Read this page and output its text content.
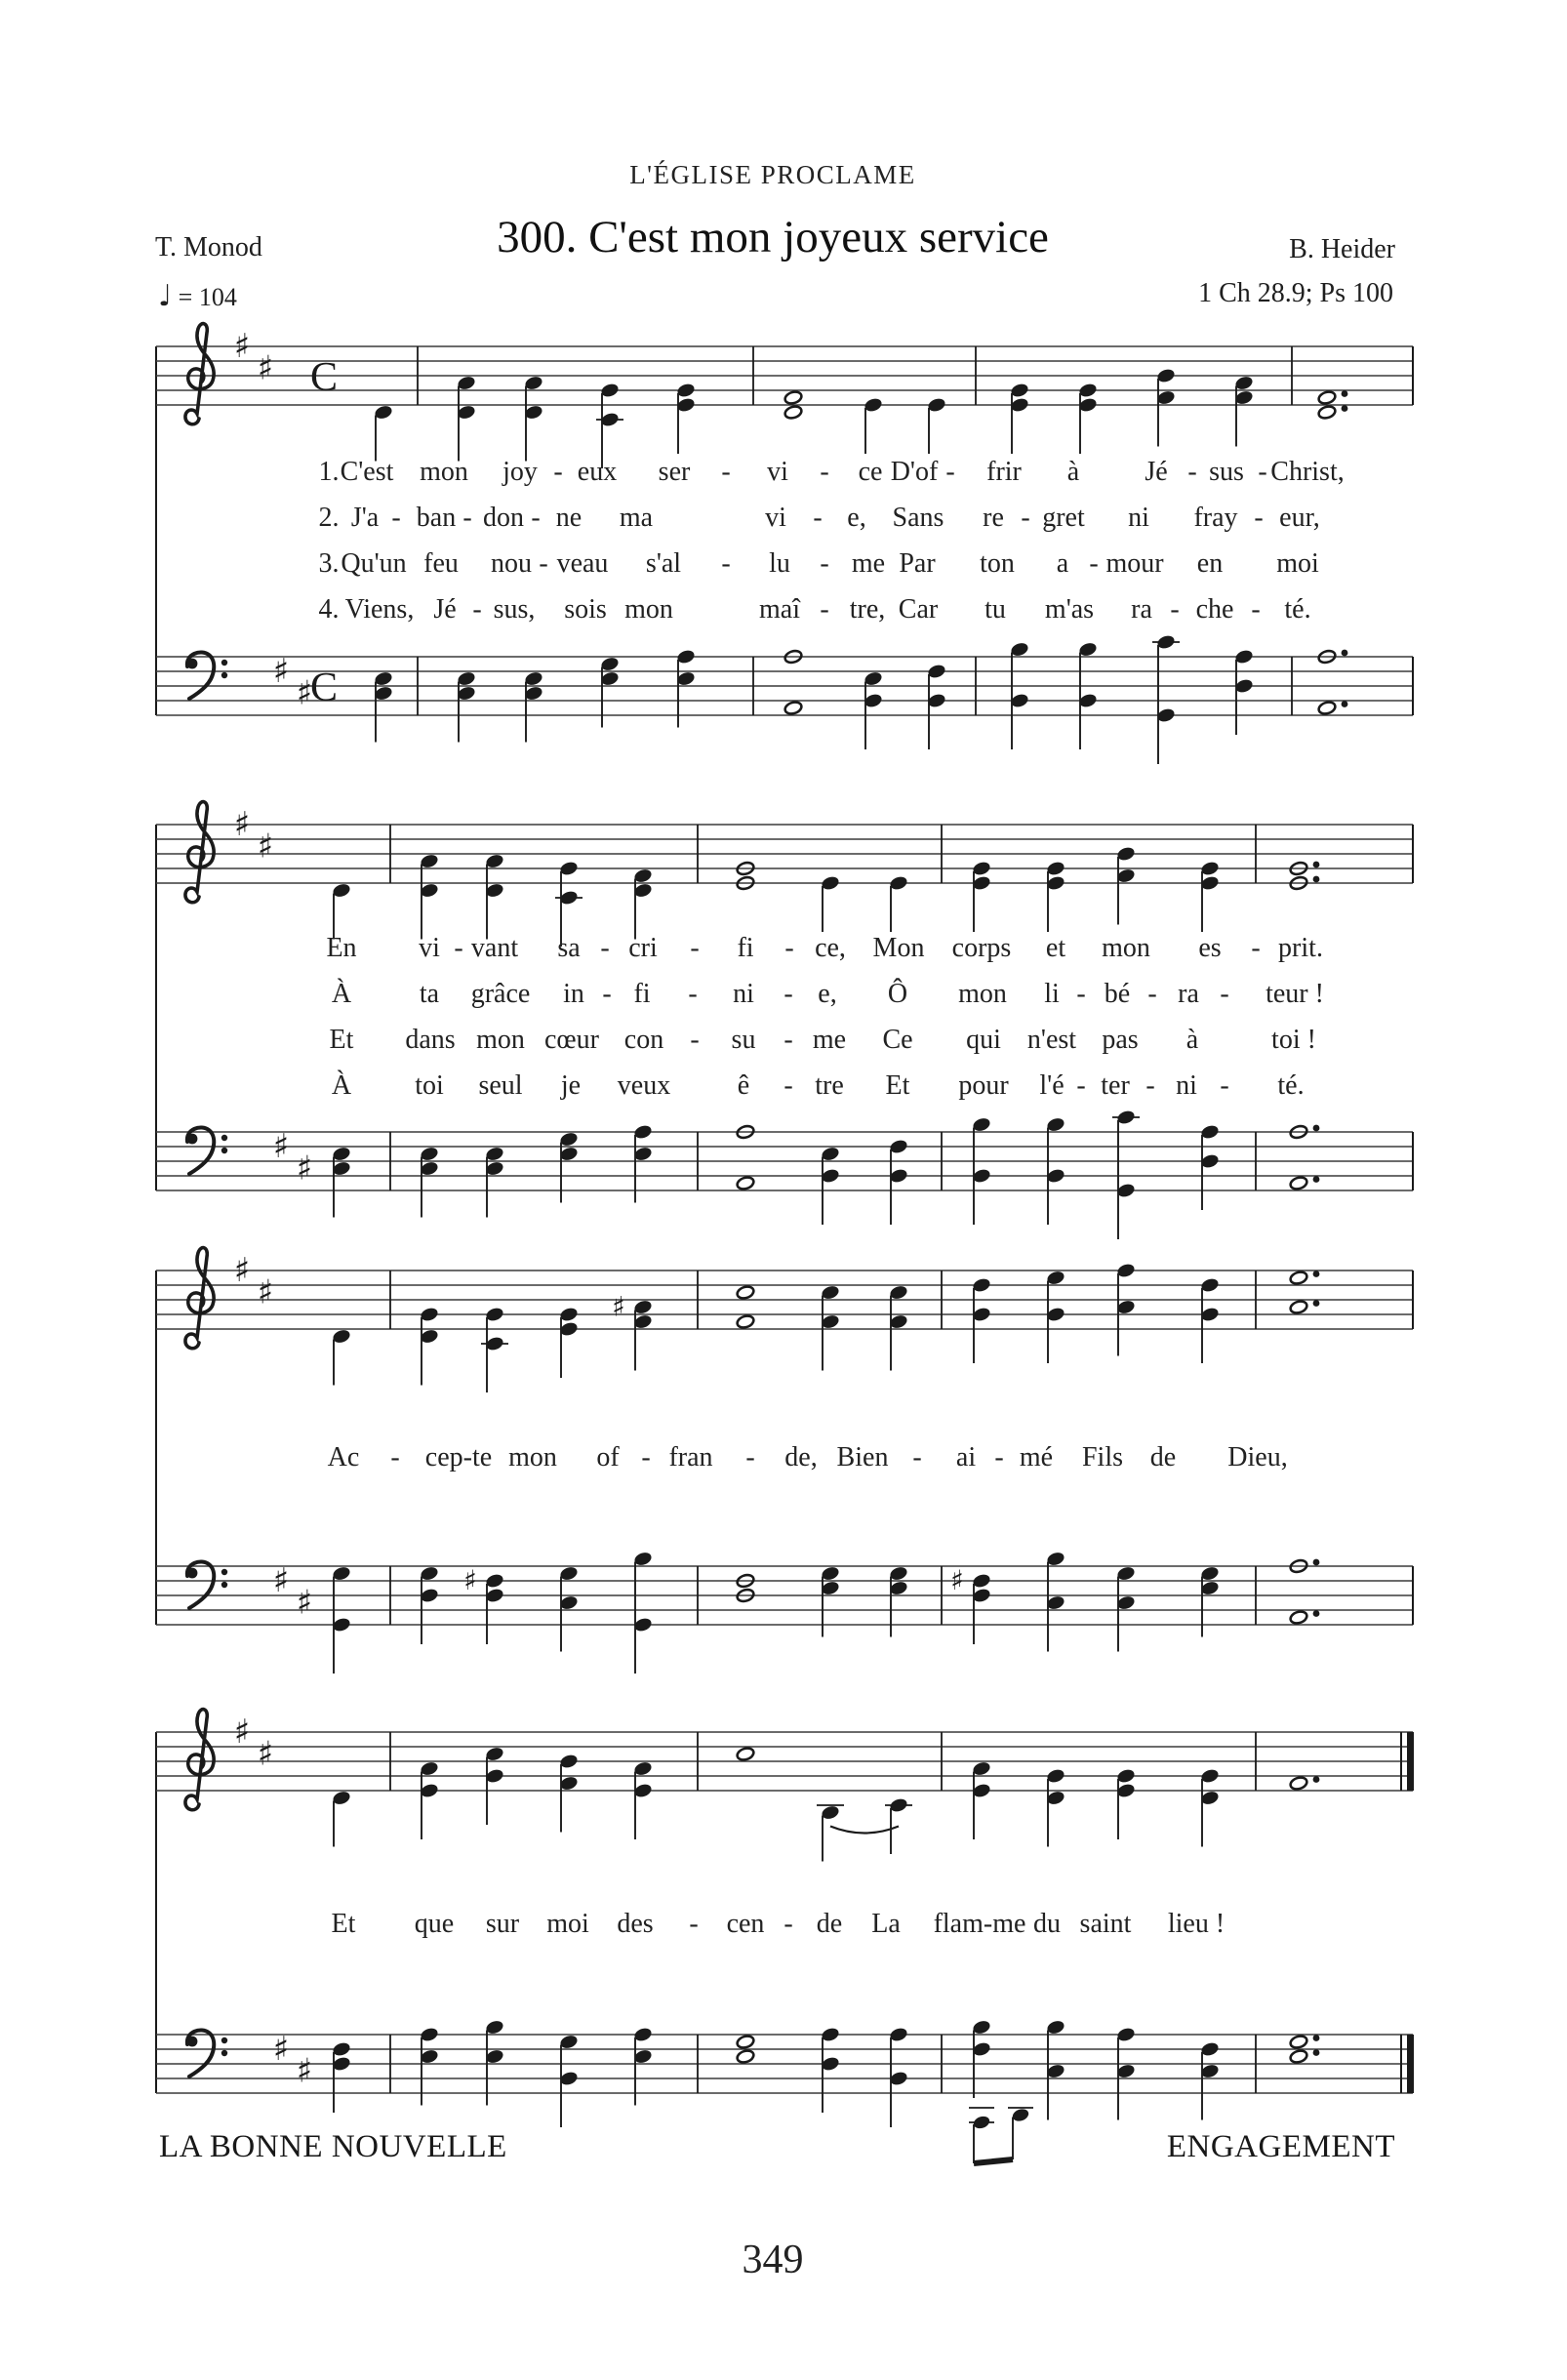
♯
♯ C
♯
♯
C
♯
♯
♯
♯
♯
♯	♯
♯
♯
♯	♯
♯
♯
♯
♯
L'ÉGLISE PROCLAME
T. Monod	300. C'est mon joyeux service	B. Heider
♩ = 104	1 Ch 28.9; Ps 100
1. C'est mon joy - eux ser - vi - ce D'of - frir à Jé - sus - Christ,
2. J'a - ban - don - ne ma	vi - e, Sans re - gret ni fray - eur,
3. Qu'un feu nou - veau s'al - lu - me Par ton a - mour en moi
4. Viens, Jé - sus, sois mon	maî - tre, Car tu m'as ra - che - té.
En vi - vant sa - cri - fi - ce, Mon corps et mon es - prit.
À ta grâce in - fi - ni - e, Ô mon li - bé - ra - teur !
Et dans mon cœur con - su - me Ce qui n'est pas à	toi !
À toi seul je veux ê - tre Et pour l'é - ter - ni - té.
Ac - cep-te mon of - fran - de, Bien - ai - mé Fils de Dieu,
Et que sur moi des - cen - de La flam-me du saint lieu !
LA BONNE NOUVELLE	ENGAGEMENT
349
